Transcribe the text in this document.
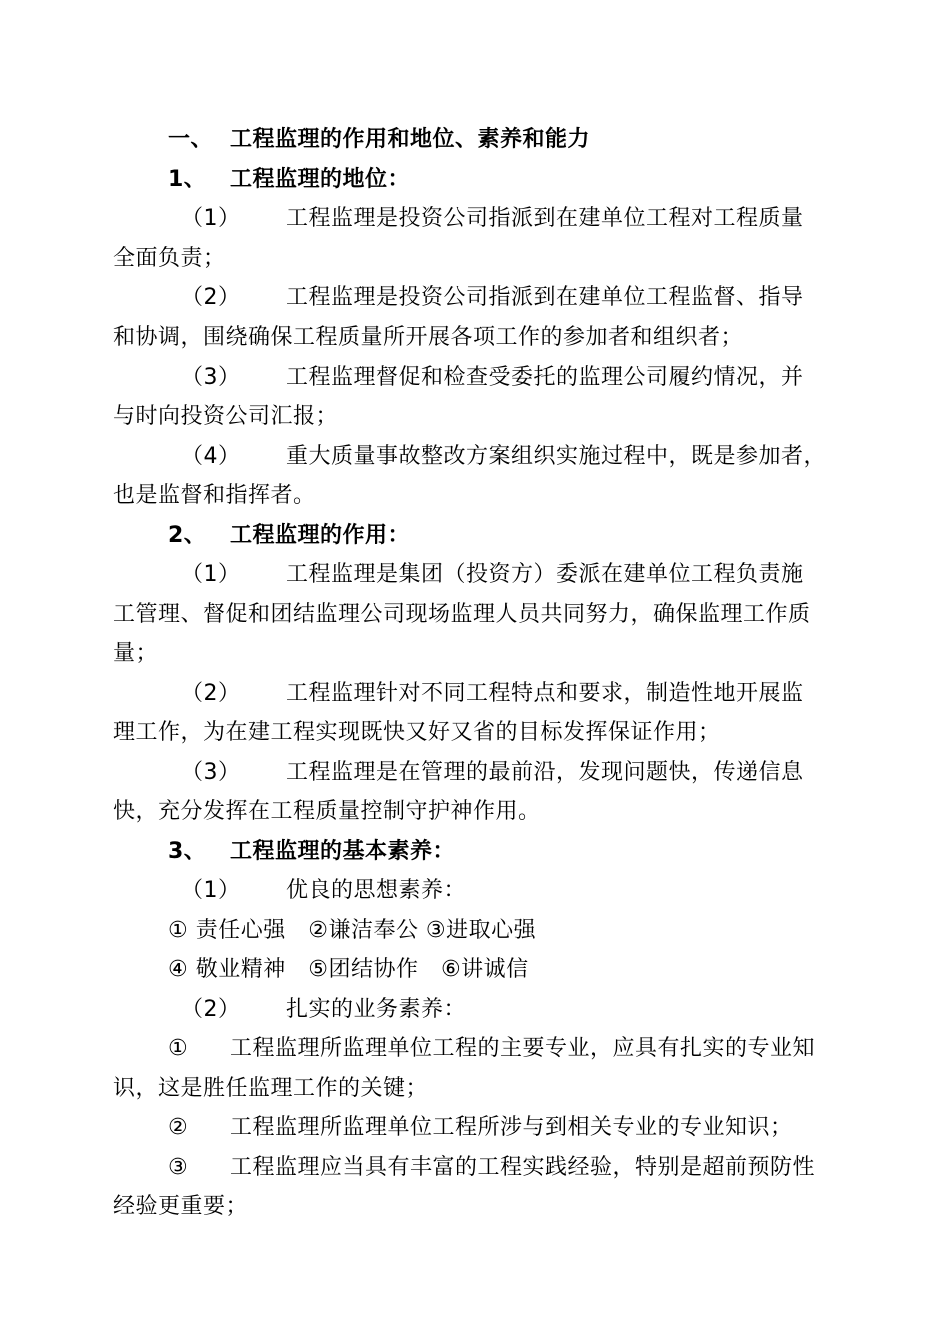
一、 工程监理的作用和地位、素养和能力
1、 工程监理的地位：
（1） 工程监理是投资公司指派到在建单位工程对工程质量
全面负责；
（2） 工程监理是投资公司指派到在建单位工程监督、指导
和协调，围绕确保工程质量所开展各项工作的参加者和组织者；
（3） 工程监理督促和检查受委托的监理公司履约情况，并
与时向投资公司汇报；
（4） 重大质量事故整改方案组织实施过程中，既是参加者，
也是监督和指挥者。
2、 工程监理的作用：
（1） 工程监理是集团（投资方）委派在建单位工程负责施
工管理、督促和团结监理公司现场监理人员共同努力，确保监理工作质
量；
（2） 工程监理针对不同工程特点和要求，制造性地开展监
理工作，为在建工程实现既快又好又省的目标发挥保证作用；
（3） 工程监理是在管理的最前沿，发现问题快，传递信息
快，充分发挥在工程质量控制守护神作用。
3、 工程监理的基本素养：
（1） 优良的思想素养：
① 责任心强　②谦洁奉公 ③进取心强
④ 敬业精神　⑤团结协作　⑥讲诚信
（2） 扎实的业务素养：
① 工程监理所监理单位工程的主要专业，应具有扎实的专业知
识，这是胜任监理工作的关键；
② 工程监理所监理单位工程所涉与到相关专业的专业知识；
③ 工程监理应当具有丰富的工程实践经验，特别是超前预防性
经验更重要；
